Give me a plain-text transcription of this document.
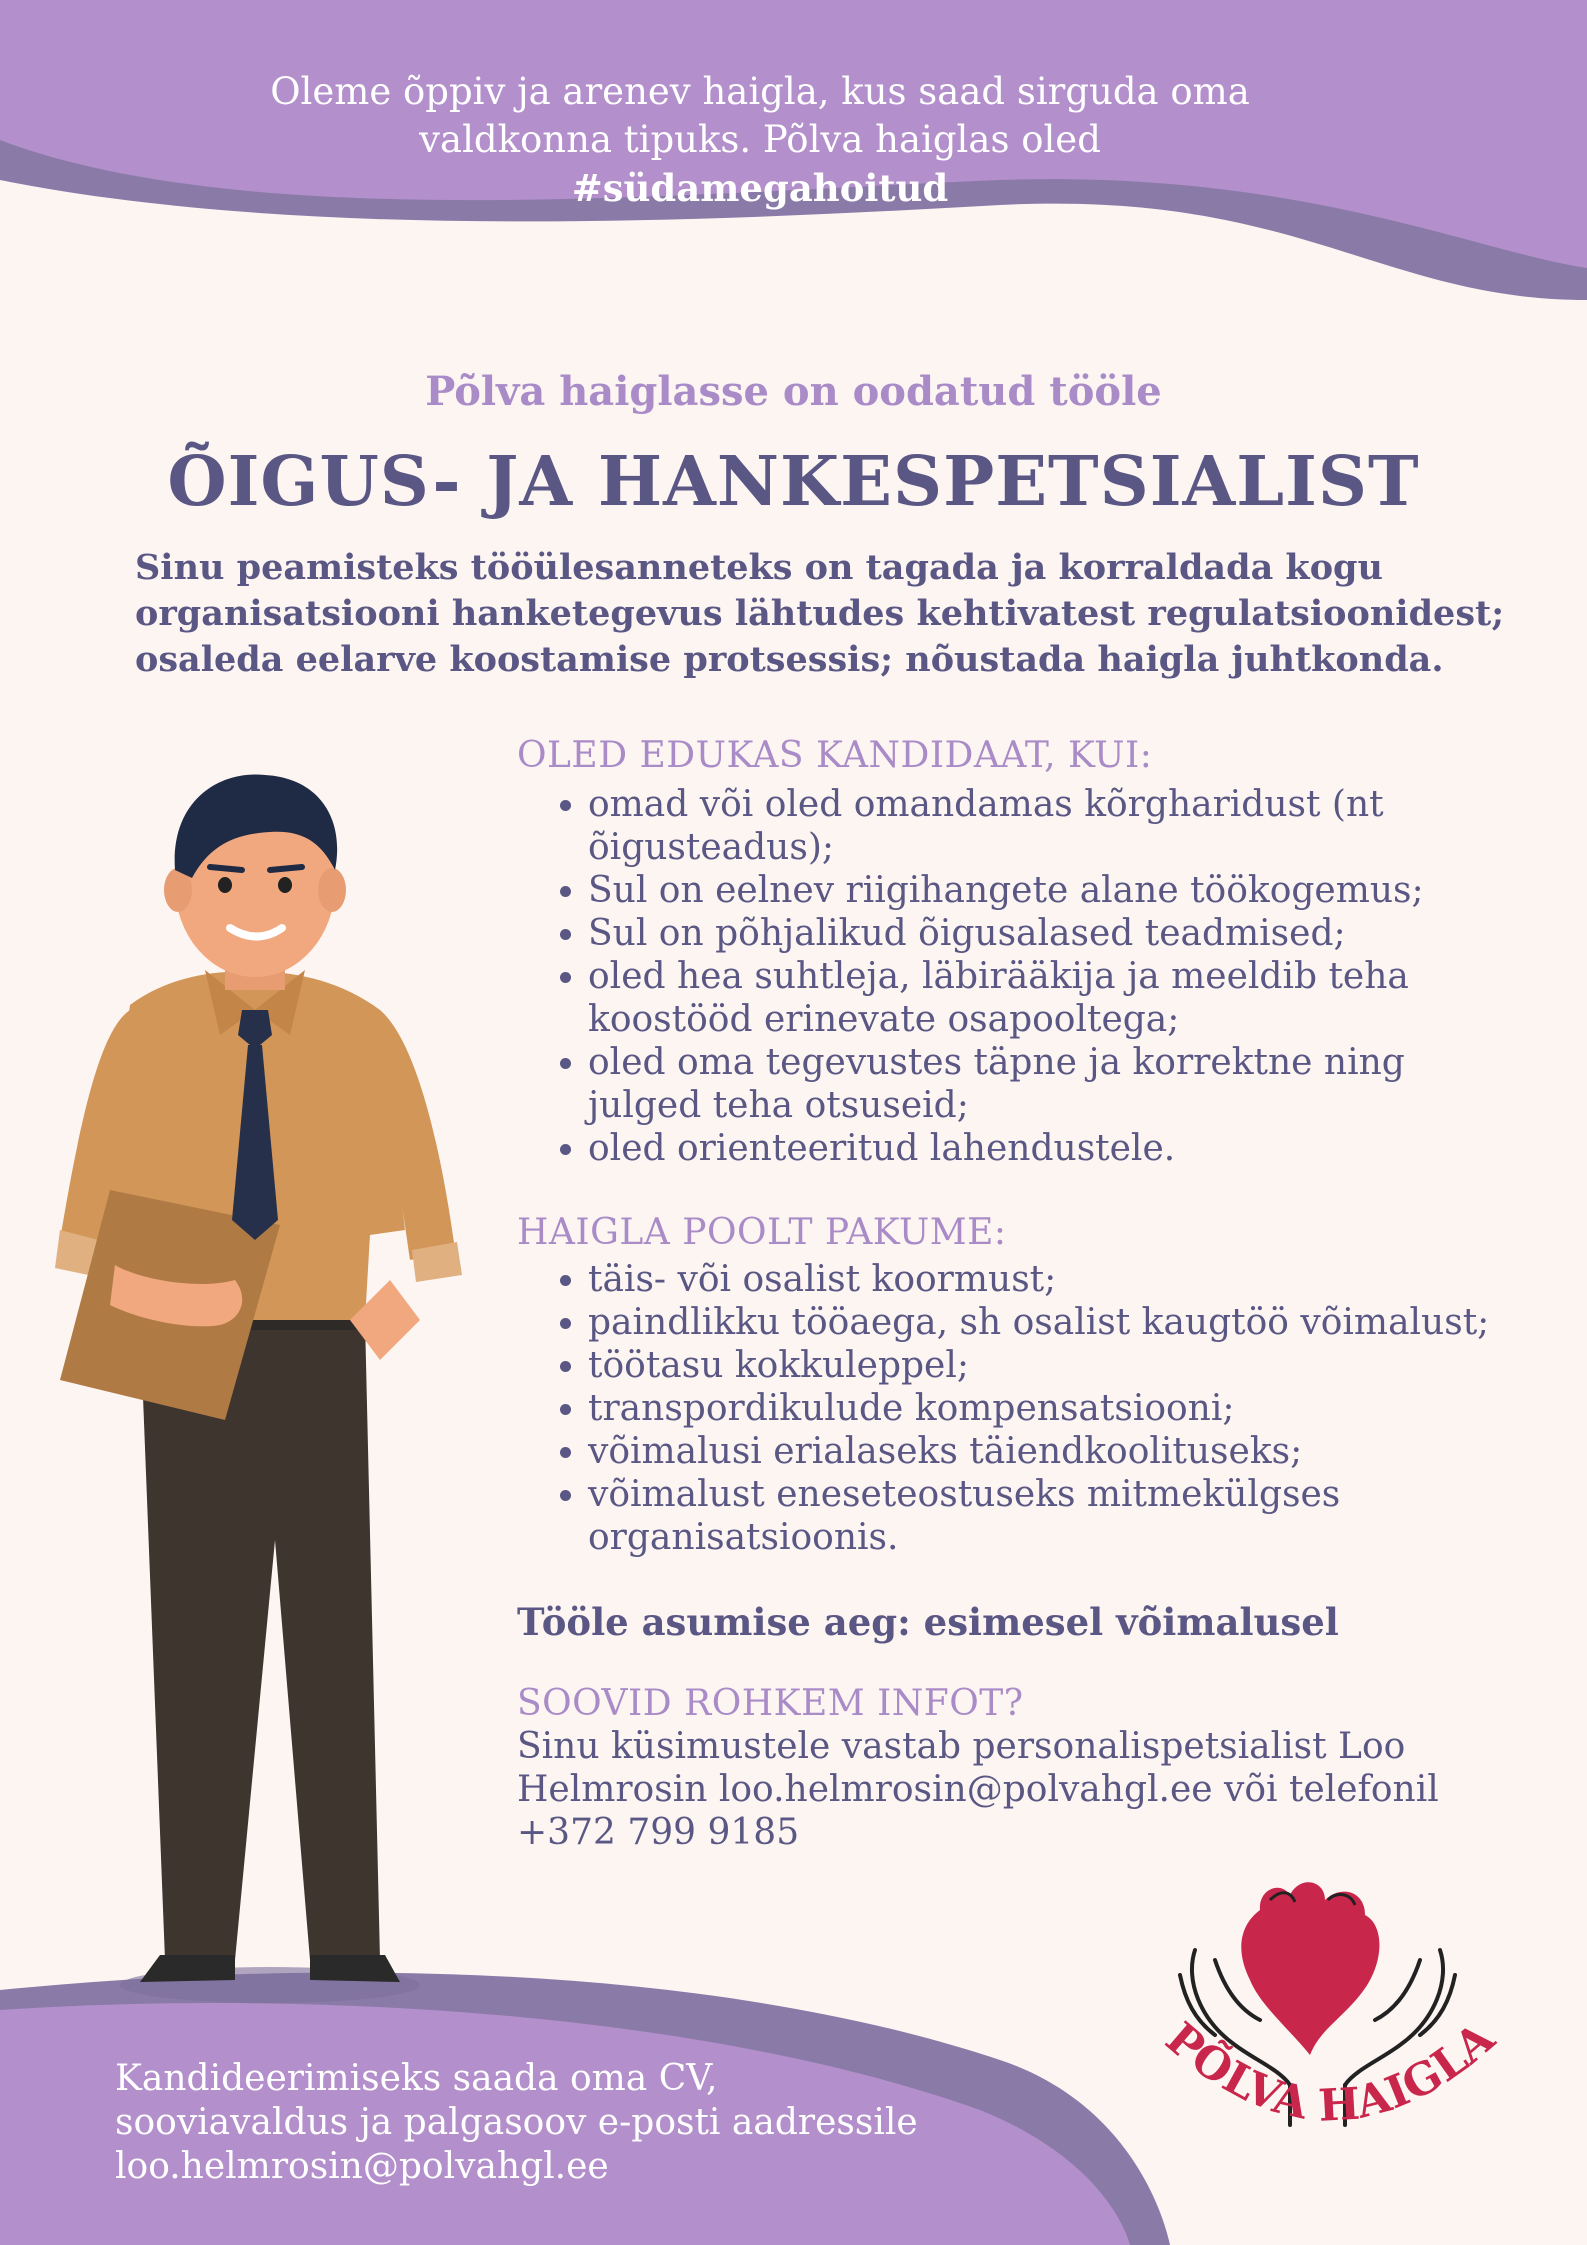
Oleme õppiv ja arenev haigla, kus saad sirguda oma
valdkonna tipuks. Põlva haiglas oled
#südamegahoitud
Põlva haiglasse on oodatud tööle
ÕIGUS- JA HANKESPETSIALIST
Sinu peamisteks tööülesanneteks on tagada ja korraldada kogu
organisatsiooni hanketegevus lähtudes kehtivatest regulatsioonidest;
osaleda eelarve koostamise protsessis; nõustada haigla juhtkonda.
OLED EDUKAS KANDIDAAT, KUI:
omad või oled omandamas kõrgharidust (nt õigusteadus);
Sul on eelnev riigihangete alane töökogemus;
Sul on põhjalikud õigusalased teadmised;
oled hea suhtleja, läbirääkija ja meeldib teha koostööd erinevate osapooltega;
oled oma tegevustes täpne ja korrektne ning julged teha otsuseid;
oled orienteeritud lahendustele.
HAIGLA POOLT PAKUME:
täis- või osalist koormust;
paindlikku tööaega, sh osalist kaugtöö võimalust;
töötasu kokkuleppel;
transpordikulude kompensatsiooni;
võimalusi erialaseks täiendkoolituseks;
võimalust eneseteostuseks mitmekülgses organisatsioonis.
Tööle asumise aeg: esimesel võimalusel
SOOVID ROHKEM INFOT?
Sinu küsimustele vastab personalispetsialist Loo
Helmrosin loo.helmrosin@polvahgl.ee või telefonil
+372 799 9185
Kandideerimiseks saada oma CV,
sooviavaldus ja palgasoov e-posti aadressile
loo.helmrosin@polvahgl.ee
PÕLVA HAIGLA
